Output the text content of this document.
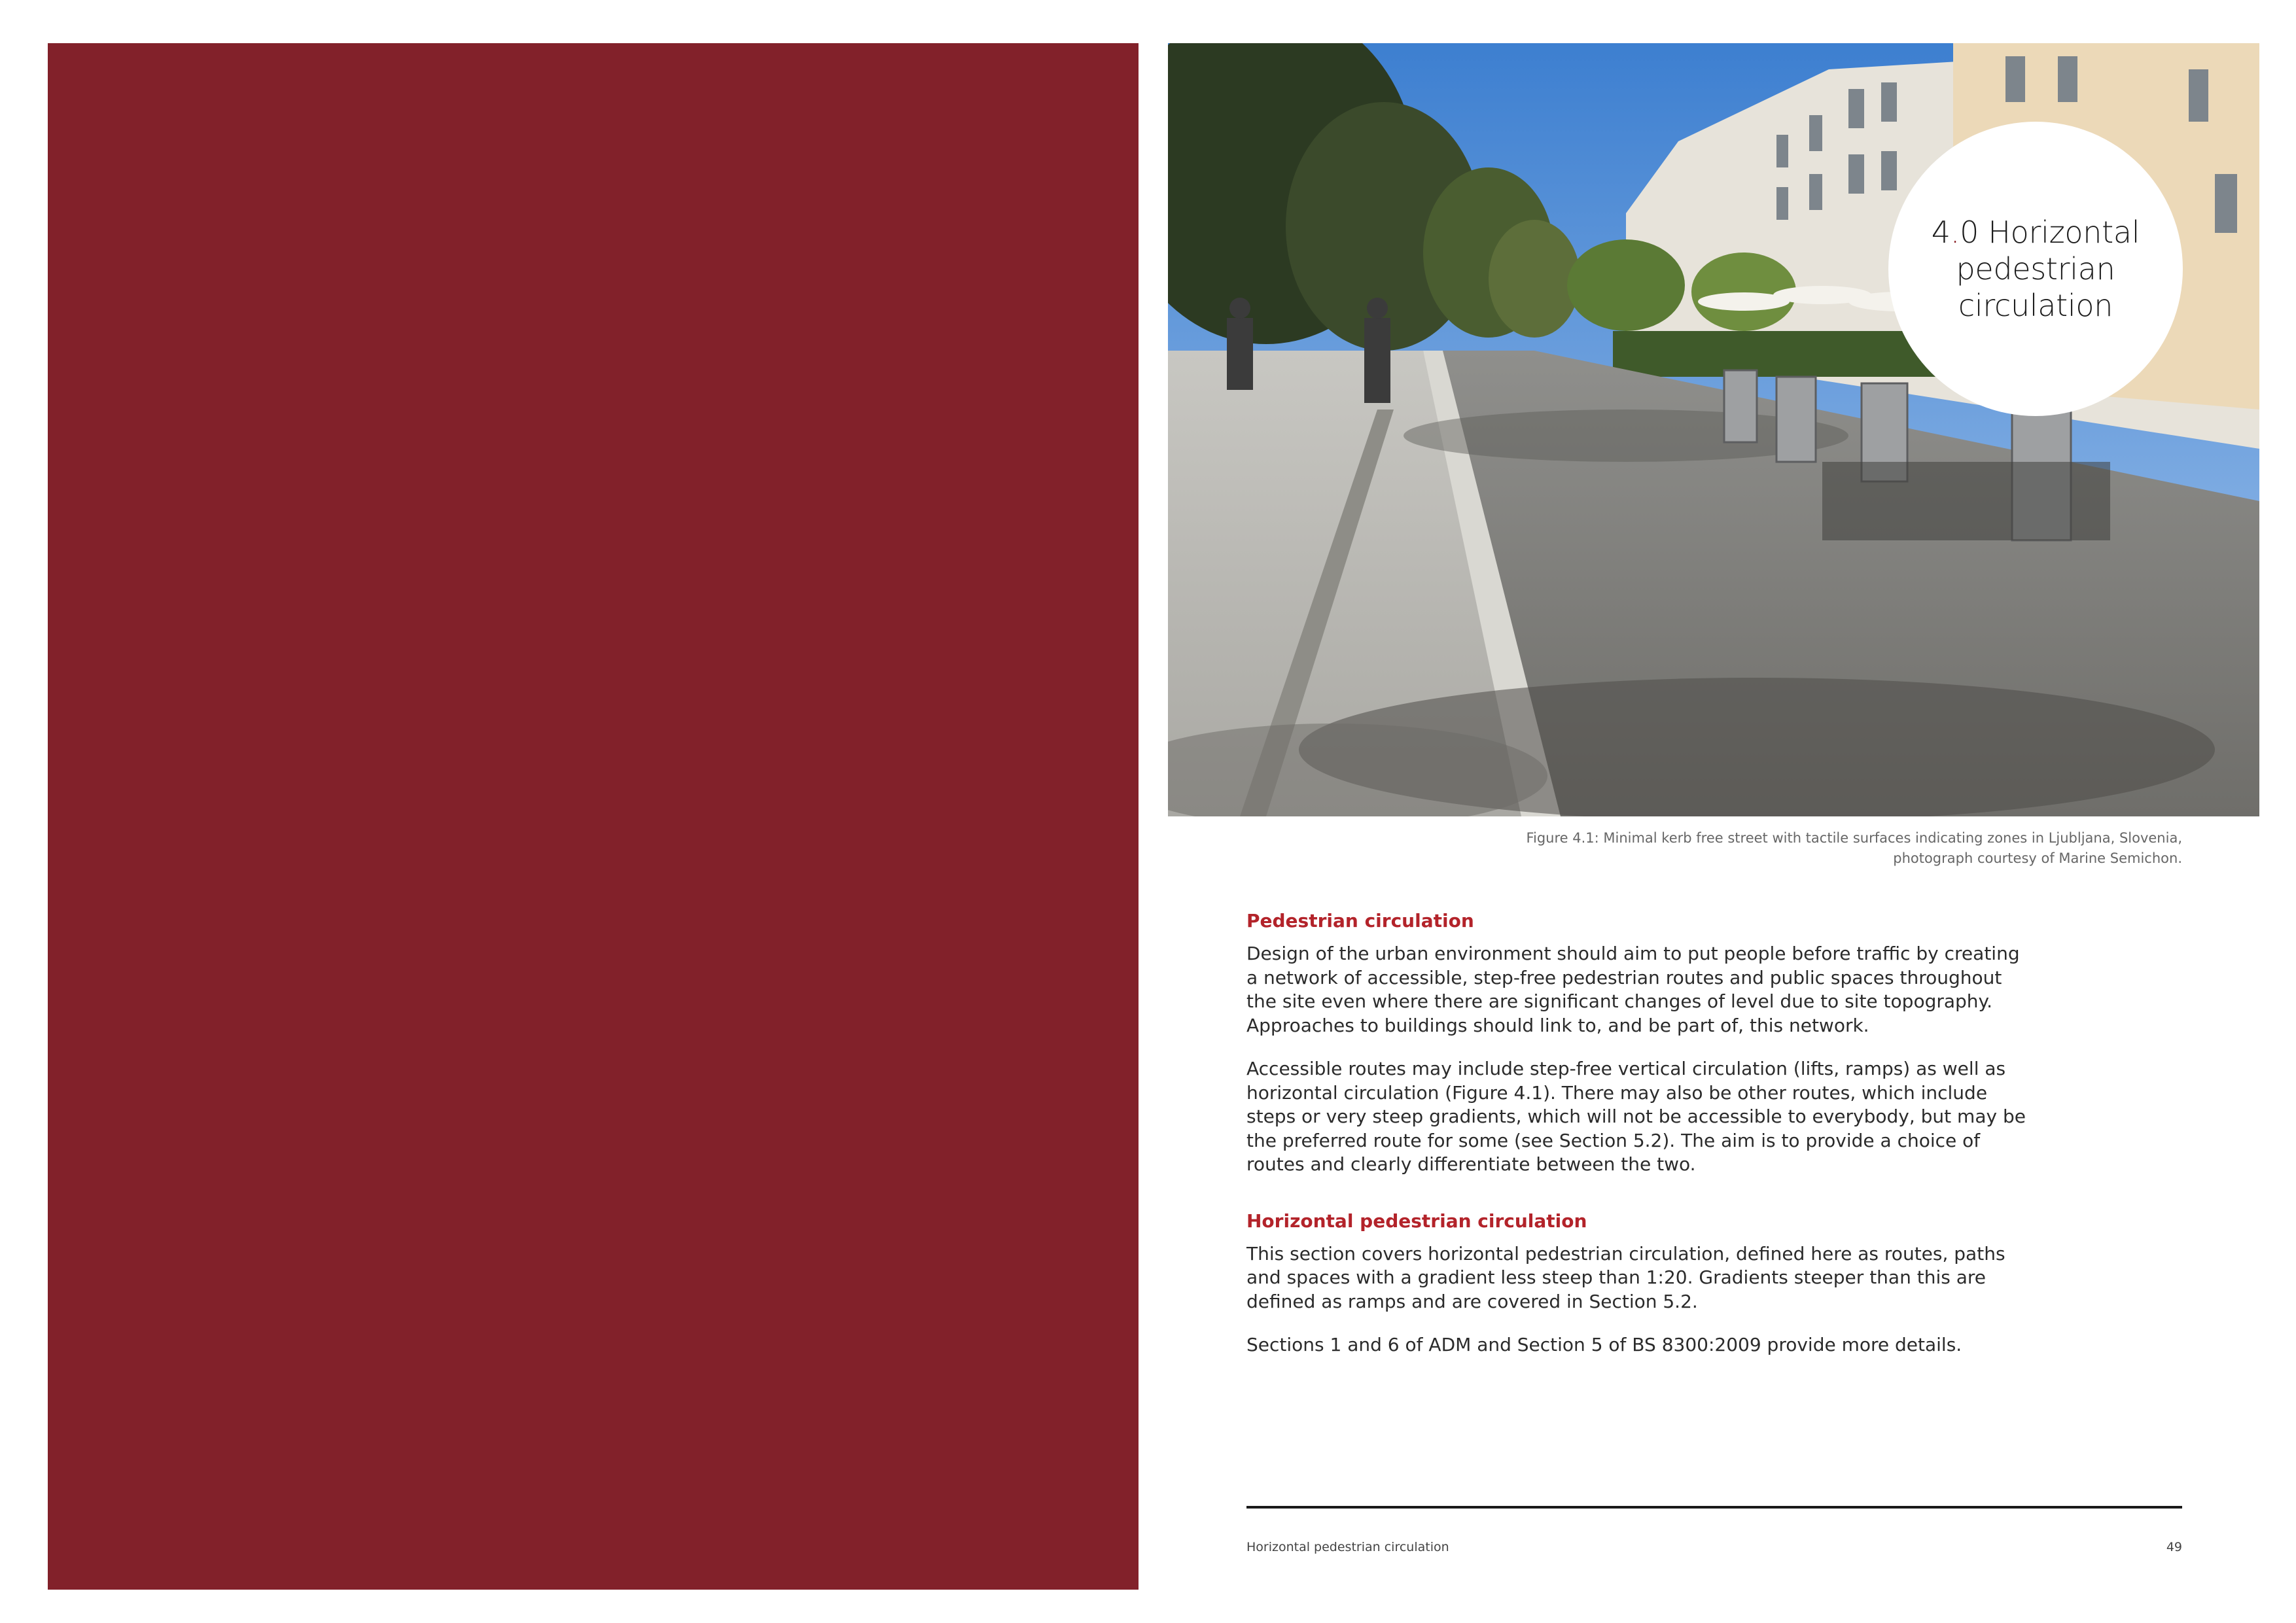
4.0 Horizontal
pedestrian
circulation
Figure 4.1: Minimal kerb free street with tactile surfaces indicating zones in Ljubljana, Slovenia,
photograph courtesy of Marine Semichon.
Pedestrian circulation

Design of the urban environment should aim to put people before traffic by creating a network of accessible, step-free pedestrian routes and public spaces throughout the site even where there are significant changes of level due to site topography. Approaches to buildings should link to, and be part of, this network.

Accessible routes may include step-free vertical circulation (lifts, ramps) as well as horizontal circulation (Figure 4.1). There may also be other routes, which include steps or very steep gradients, which will not be accessible to everybody, but may be the preferred route for some (see Section 5.2). The aim is to provide a choice of routes and clearly differentiate between the two.

Horizontal pedestrian circulation

This section covers horizontal pedestrian circulation, defined here as routes, paths and spaces with a gradient less steep than 1:20. Gradients steeper than this are defined as ramps and are covered in Section 5.2.

Sections 1 and 6 of ADM and Section 5 of BS 8300:2009 provide more details.

Horizontal pedestrian circulation	49
